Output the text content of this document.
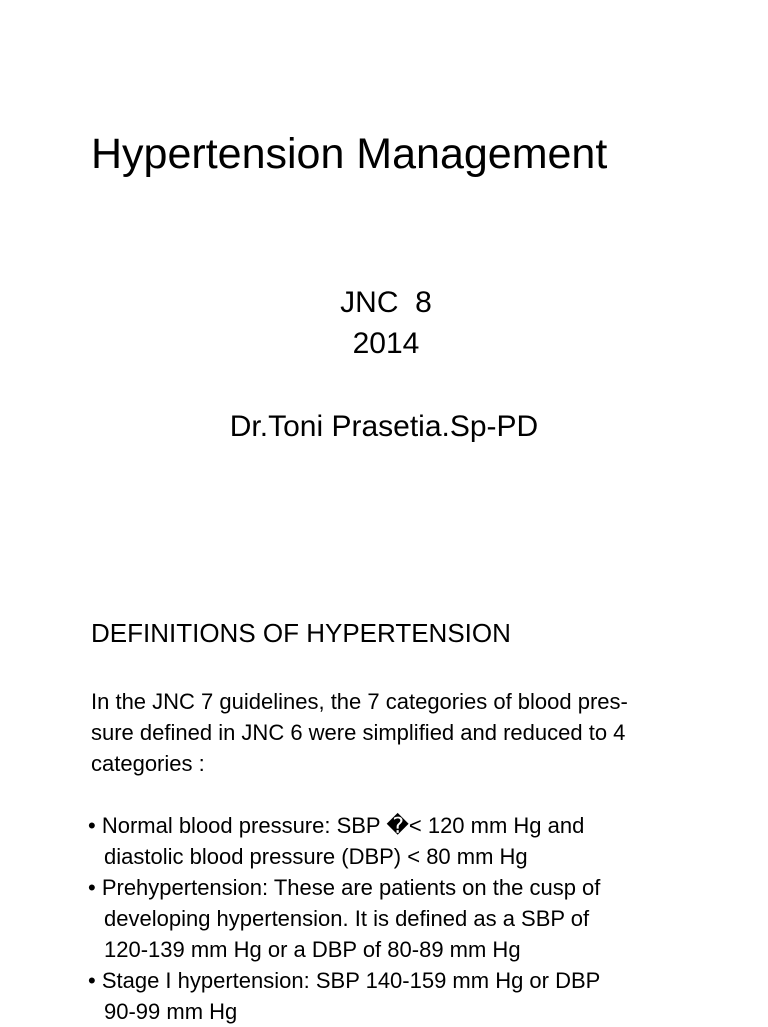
Hypertension Management

JNC  8

2014

Dr.Toni Prasetia.Sp-PD

DEFINITIONS OF HYPERTENSION
In the JNC 7 guidelines, the 7 categories of blood pres-
sure defined in JNC 6 were simplified and reduced to 4
categories :
• Normal blood pressure: SBP �< 120 mm Hg and
diastolic blood pressure (DBP) < 80 mm Hg
• Prehypertension: These are patients on the cusp of
developing hypertension. It is defined as a SBP of
120-139 mm Hg or a DBP of 80-89 mm Hg
• Stage I hypertension: SBP 140-159 mm Hg or DBP
90-99 mm Hg
